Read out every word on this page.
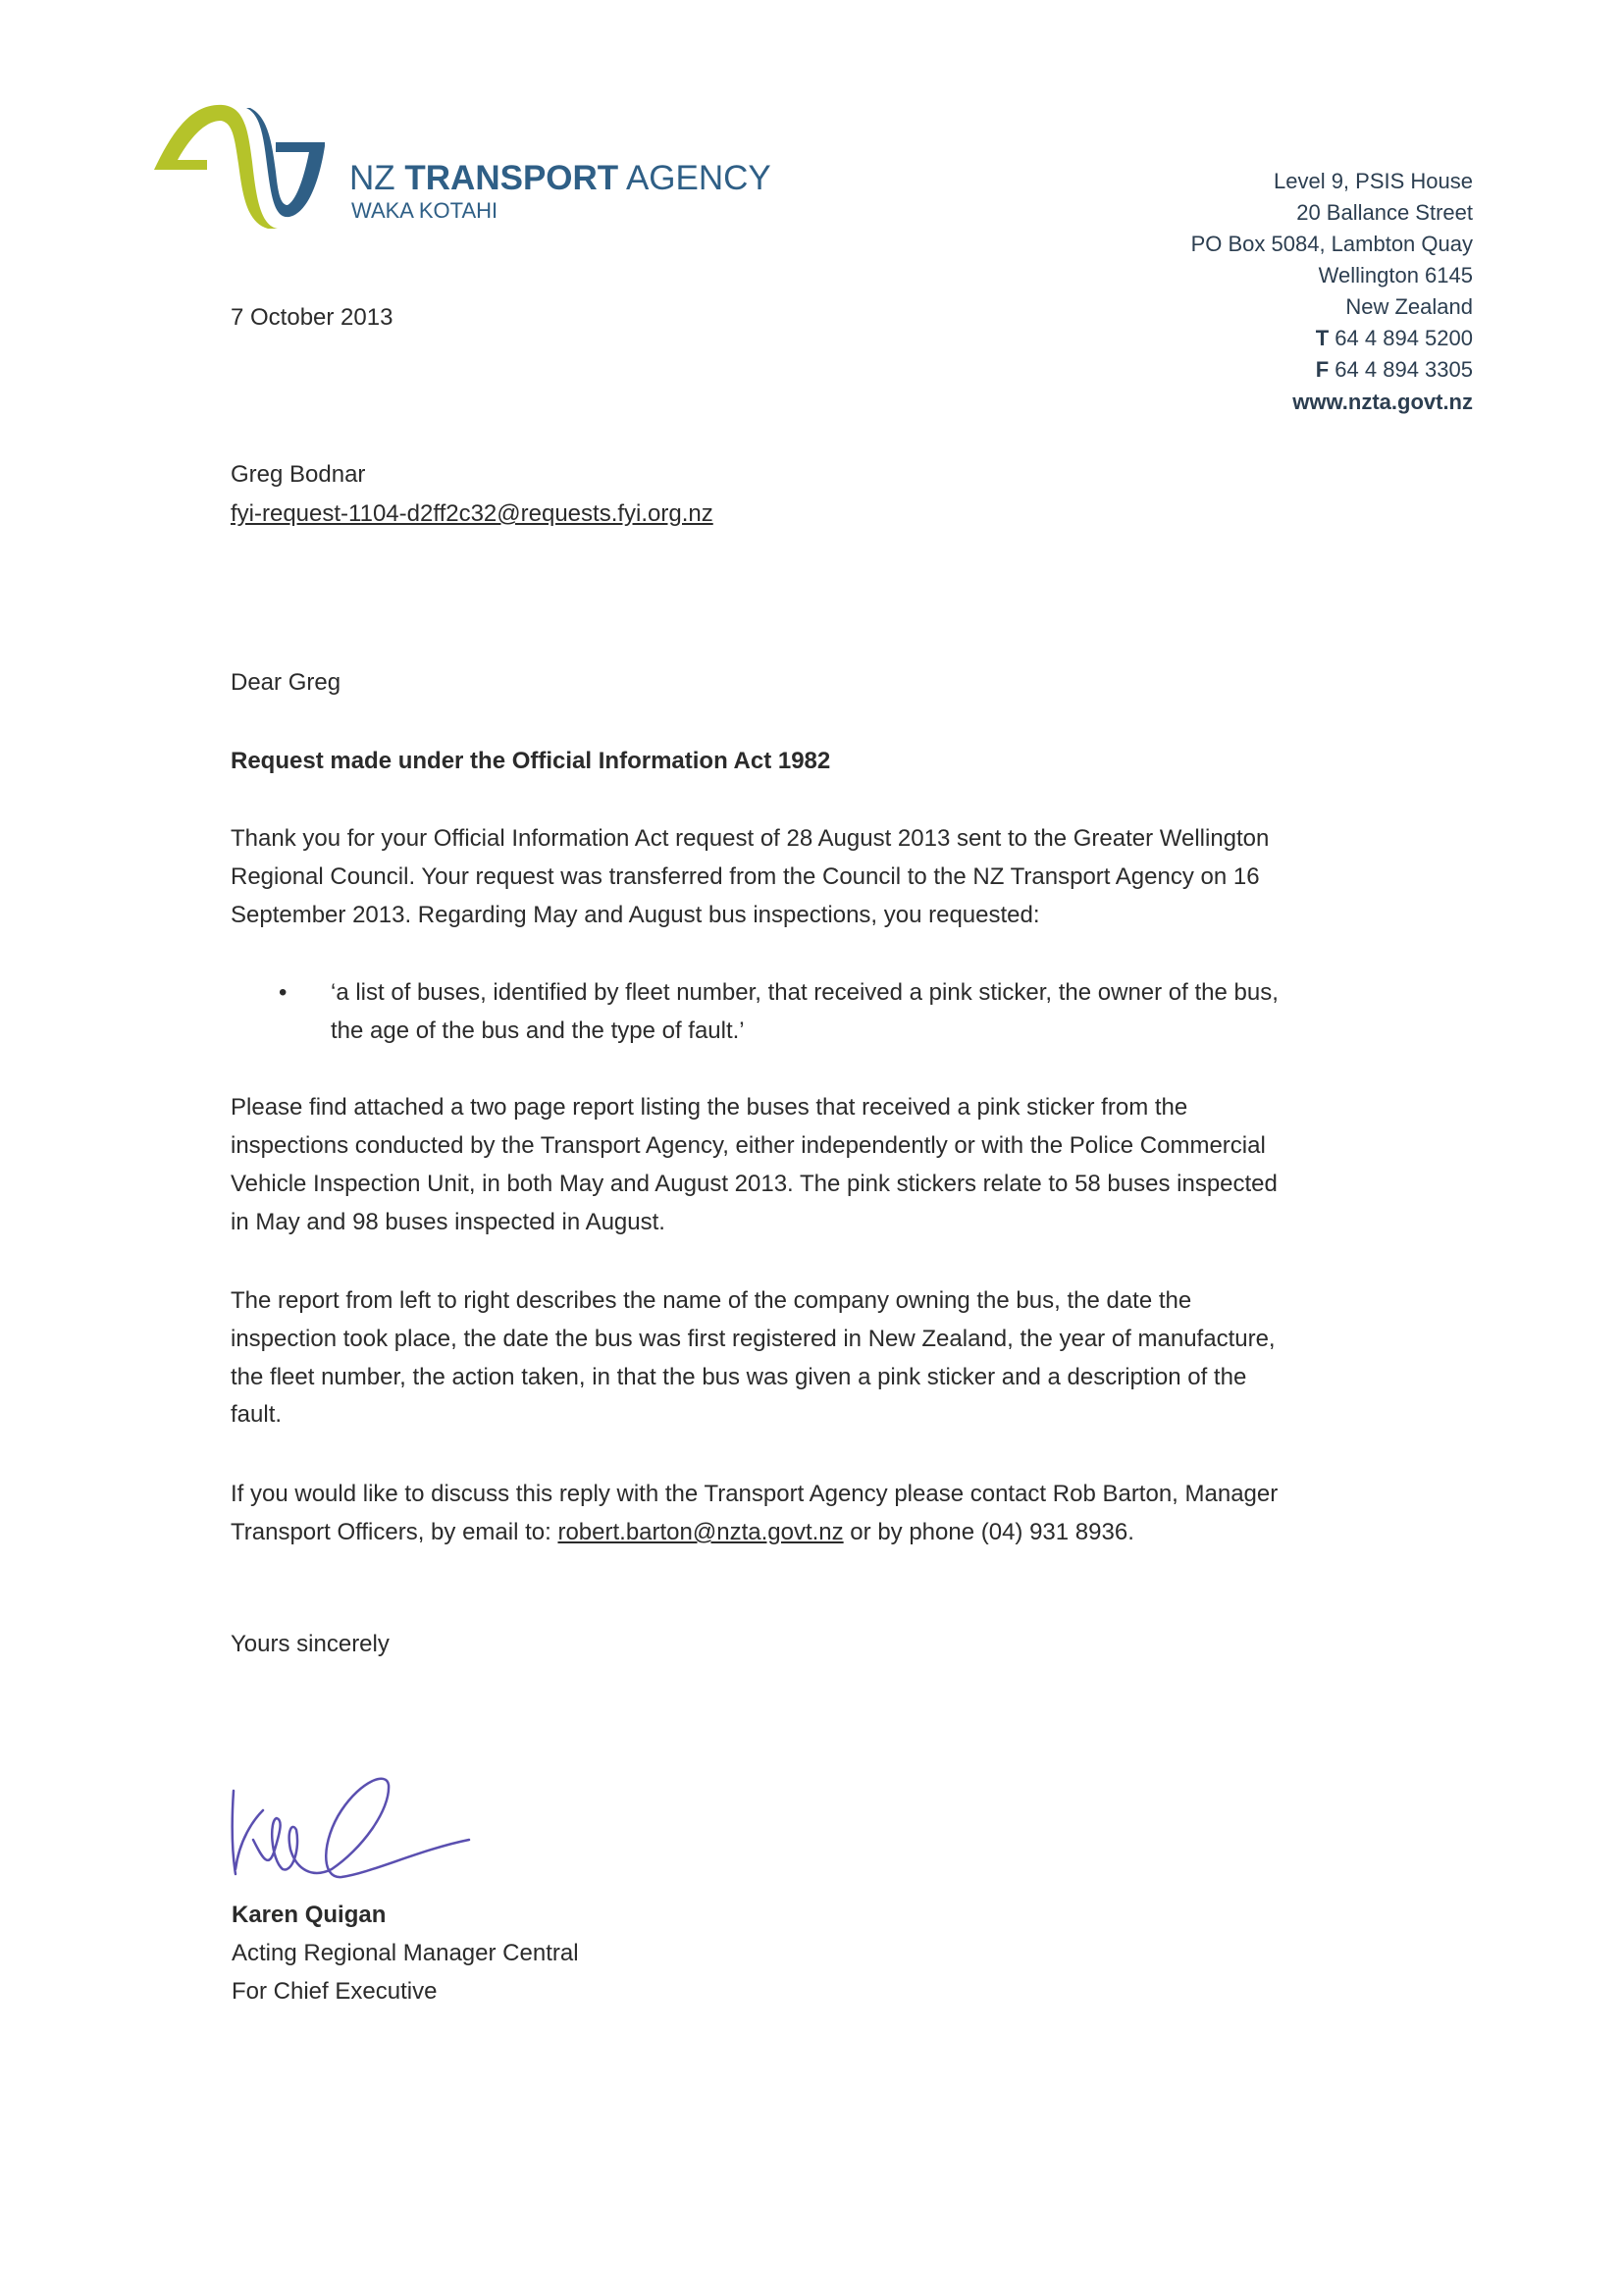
NZ TRANSPORT AGENCY
WAKA KOTAHI
Level 9, PSIS House
20 Ballance Street
PO Box 5084, Lambton Quay
Wellington 6145
New Zealand
T 64 4 894 5200
F 64 4 894 3305
www.nzta.govt.nz
7 October 2013
Greg Bodnar
fyi-request-1104-d2ff2c32@requests.fyi.org.nz
Dear Greg
Request made under the Official Information Act 1982
Thank you for your Official Information Act request of 28 August 2013 sent to the Greater Wellington
Regional Council. Your request was transferred from the Council to the NZ Transport Agency on 16
September 2013. Regarding May and August bus inspections, you requested:
• ‘a list of buses, identified by fleet number, that received a pink sticker, the owner of the bus,
the age of the bus and the type of fault.’
Please find attached a two page report listing the buses that received a pink sticker from the
inspections conducted by the Transport Agency, either independently or with the Police Commercial
Vehicle Inspection Unit, in both May and August 2013. The pink stickers relate to 58 buses inspected
in May and 98 buses inspected in August.
The report from left to right describes the name of the company owning the bus, the date the
inspection took place, the date the bus was first registered in New Zealand, the year of manufacture,
the fleet number, the action taken, in that the bus was given a pink sticker and a description of the
fault.
If you would like to discuss this reply with the Transport Agency please contact Rob Barton, Manager
Transport Officers, by email to: robert.barton@nzta.govt.nz or by phone (04) 931 8936.
Yours sincerely
Karen Quigan
Acting Regional Manager Central
For Chief Executive
